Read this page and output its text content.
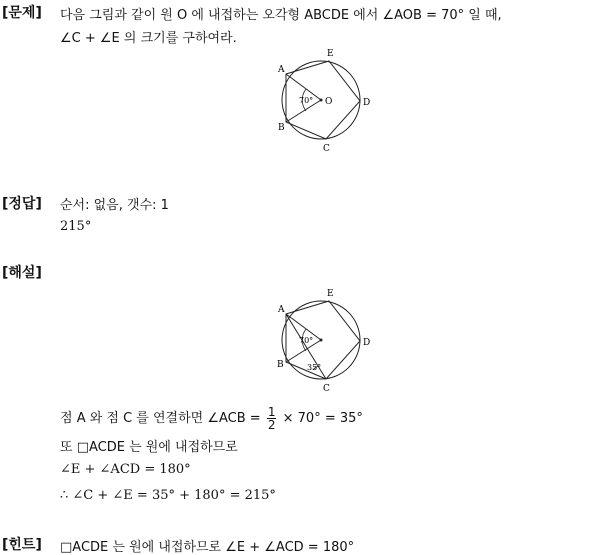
[문제] 다음 그림과 같이 원 O 에 내접하는 오각형 ABCDE 에서 ∠AOB = 70° 일 때,
∠C + ∠E 의 크기를 구하여라.
A
E
D
C
B
O
70°
[정답] 순서: 없음, 갯수: 1
215°
[해설]
A
E
D
C
B
70°
35°
점 A 와 점 C 를 연결하면 ∠ACB = $\frac{1}{2} \times 70^\circ = 35^\circ$
또 □ACDE 는 원에 내접하므로
∠E + ∠ACD = 180°
∴ ∠C + ∠E = 35° + 180° = 215°
[힌트] □ACDE 는 원에 내접하므로 ∠E + ∠ACD = 180°
